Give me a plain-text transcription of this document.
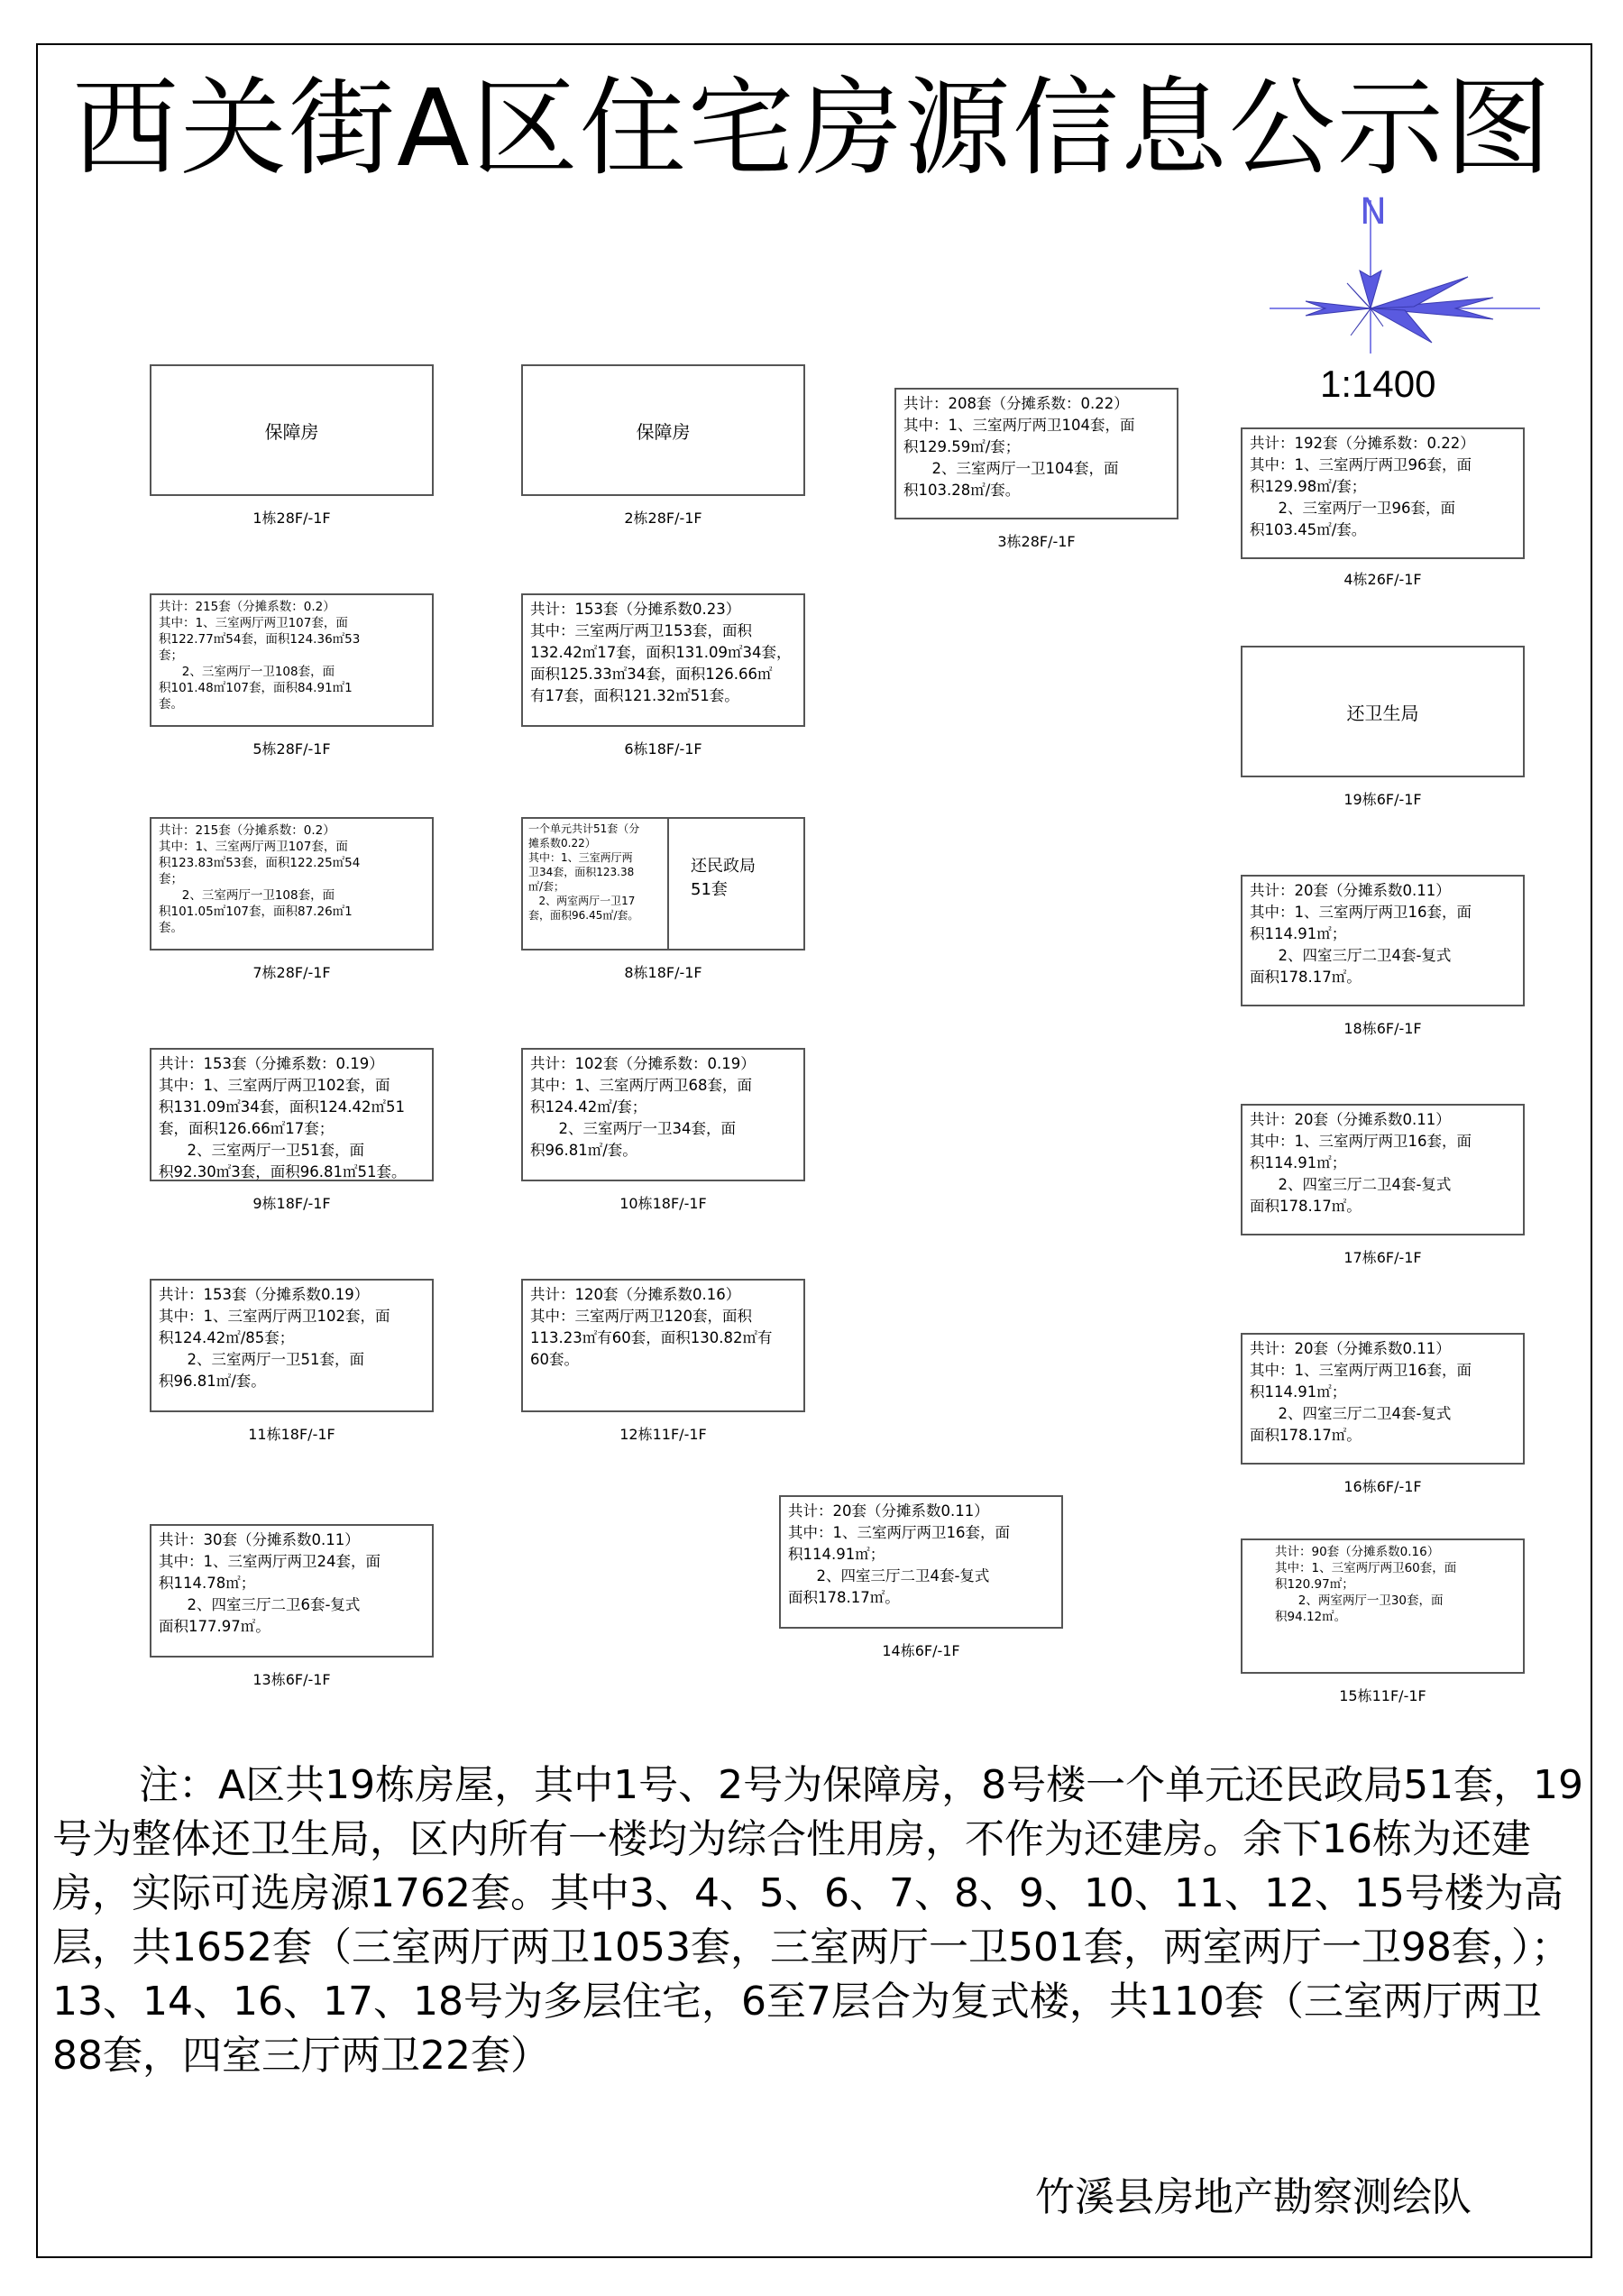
西关街A区住宅房源信息公示图
N
1:1400
保障房
1栋28F/-1F
共计：215套（分摊系数：0.2）
其中：1、三室两厅两卫107套，面
积122.77㎡54套，面积124.36㎡53
套；
2、三室两厅一卫108套，面
积101.48㎡107套，面积84.91㎡1
套。
5栋28F/-1F
共计：215套（分摊系数：0.2）
其中：1、三室两厅两卫107套，面
积123.83㎡53套，面积122.25㎡54
套；
2、三室两厅一卫108套，面
积101.05㎡107套，面积87.26㎡1
套。
7栋28F/-1F
共计：153套（分摊系数：0.19）
其中：1、三室两厅两卫102套，面
积131.09㎡34套，面积124.42㎡51
套，面积126.66㎡17套；
2、三室两厅一卫51套，面
积92.30㎡3套，面积96.81㎡51套。
9栋18F/-1F
共计：153套（分摊系数0.19）
其中：1、三室两厅两卫102套，面
积124.42㎡/85套；
2、三室两厅一卫51套，面
积96.81㎡/套。
11栋18F/-1F
共计：30套（分摊系数0.11）
其中：1、三室两厅两卫24套，面
积114.78㎡；
2、四室三厅二卫6套-复式
面积177.97㎡。
13栋6F/-1F
保障房
2栋28F/-1F
共计：153套（分摊系数0.23）
其中：三室两厅两卫153套，面积
132.42㎡17套，面积131.09㎡34套，
面积125.33㎡34套，面积126.66㎡
有17套，面积121.32㎡51套。
6栋18F/-1F
一个单元共计51套（分
摊系数0.22）
其中：1、三室两厅两
卫34套，面积123.38
㎡/套；
2、两室两厅一卫17
套，面积96.45㎡/套。
还民政局
51套
8栋18F/-1F
共计：102套（分摊系数：0.19）
其中：1、三室两厅两卫68套，面
积124.42㎡/套；
2、三室两厅一卫34套，面
积96.81㎡/套。
10栋18F/-1F
共计：120套（分摊系数0.16）
其中：三室两厅两卫120套，面积
113.23㎡有60套，面积130.82㎡有
60套。
12栋11F/-1F
共计：208套（分摊系数：0.22）
其中：1、三室两厅两卫104套，面
积129.59㎡/套；
2、三室两厅一卫104套，面
积103.28㎡/套。
3栋28F/-1F
共计：20套（分摊系数0.11）
其中：1、三室两厅两卫16套，面
积114.91㎡；
2、四室三厅二卫4套-复式
面积178.17㎡。
14栋6F/-1F
共计：192套（分摊系数：0.22）
其中：1、三室两厅两卫96套，面
积129.98㎡/套；
2、三室两厅一卫96套，面
积103.45㎡/套。
4栋26F/-1F
还卫生局
19栋6F/-1F
共计：20套（分摊系数0.11）
其中：1、三室两厅两卫16套，面
积114.91㎡；
2、四室三厅二卫4套-复式
面积178.17㎡。
18栋6F/-1F
共计：20套（分摊系数0.11）
其中：1、三室两厅两卫16套，面
积114.91㎡；
2、四室三厅二卫4套-复式
面积178.17㎡。
17栋6F/-1F
共计：20套（分摊系数0.11）
其中：1、三室两厅两卫16套，面
积114.91㎡；
2、四室三厅二卫4套-复式
面积178.17㎡。
16栋6F/-1F
共计：90套（分摊系数0.16）
其中：1、三室两厅两卫60套，面
积120.97㎡；
2、两室两厅一卫30套，面
积94.12㎡。
15栋11F/-1F
注：A区共19栋房屋，其中1号、2号为保障房，8号楼一个单元还民政局51套，19号为整体还卫生局，区内所有一楼均为综合性用房，不作为还建房。余下16栋为还建房，实际可选房源1762套。其中3、4、5、6、7、8、9、10、11、12、15号楼为高层，共1652套（三室两厅两卫1053套，三室两厅一卫501套，两室两厅一卫98套，）；13、14、16、17、18号为多层住宅，6至7层合为复式楼，共110套（三室两厅两卫88套，四室三厅两卫22套）
竹溪县房地产勘察测绘队
